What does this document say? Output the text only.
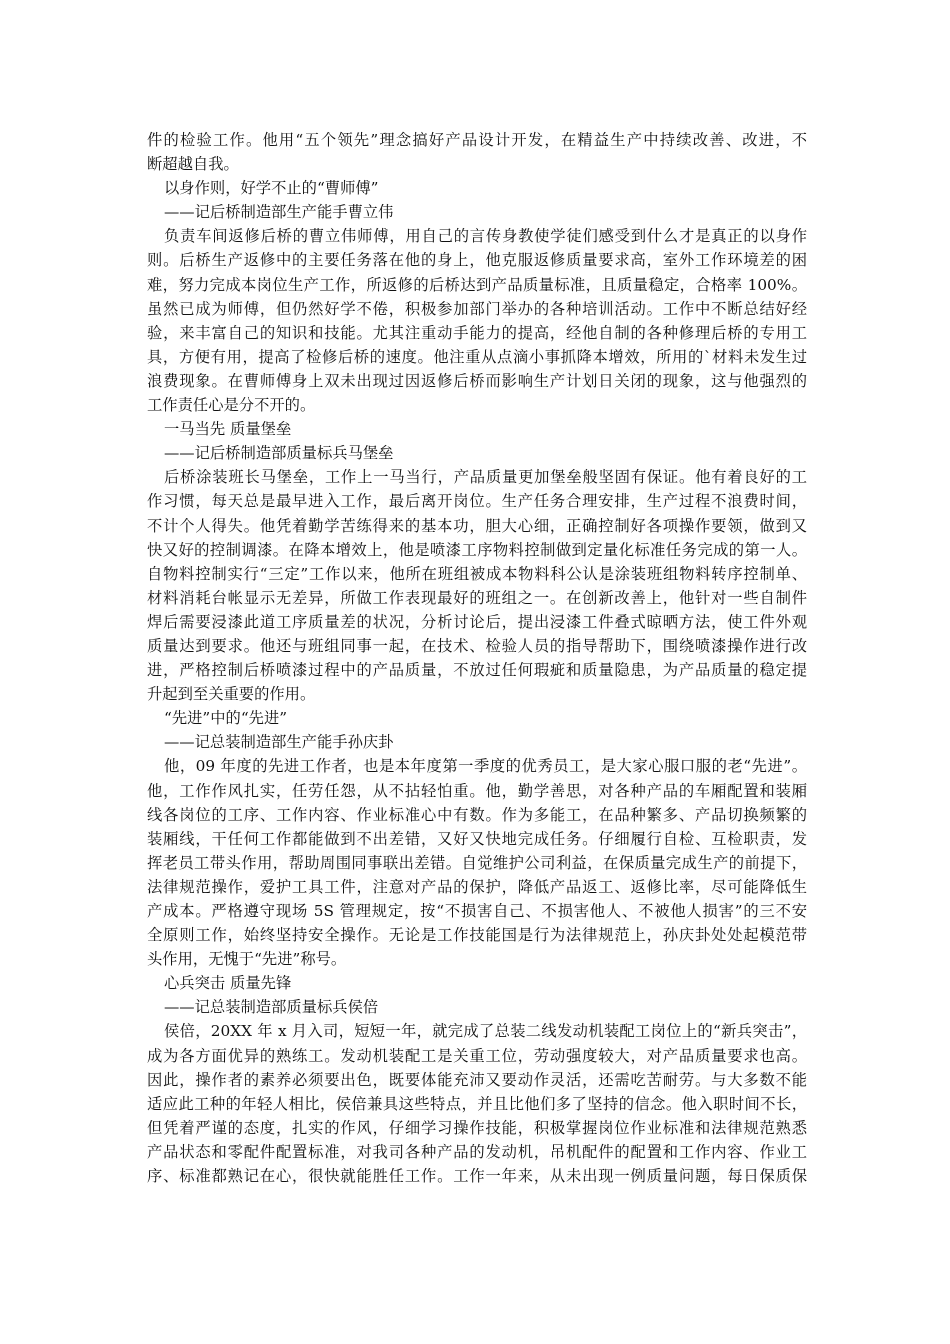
件的检验工作。他用“五个领先”理念搞好产品设计开发，在精益生产中持续改善、改进，不
断超越自我。
以身作则，好学不止的“曹师傅”
——记后桥制造部生产能手曹立伟
负责车间返修后桥的曹立伟师傅，用自己的言传身教使学徒们感受到什么才是真正的以身作
则。后桥生产返修中的主要任务落在他的身上，他克服返修质量要求高，室外工作环境差的困
难，努力完成本岗位生产工作，所返修的后桥达到产品质量标准，且质量稳定，合格率 100%。
虽然已成为师傅，但仍然好学不倦，积极参加部门举办的各种培训活动。工作中不断总结好经
验，来丰富自己的知识和技能。尤其注重动手能力的提高，经他自制的各种修理后桥的专用工
具，方便有用，提高了检修后桥的速度。他注重从点滴小事抓降本增效，所用的`材料未发生过
浪费现象。在曹师傅身上双未出现过因返修后桥而影响生产计划日关闭的现象，这与他强烈的
工作责任心是分不开的。
一马当先 质量堡垒
——记后桥制造部质量标兵马堡垒
后桥涂装班长马堡垒，工作上一马当行，产品质量更加堡垒般坚固有保证。他有着良好的工
作习惯，每天总是最早进入工作，最后离开岗位。生产任务合理安排，生产过程不浪费时间，
不计个人得失。他凭着勤学苦练得来的基本功，胆大心细，正确控制好各项操作要领，做到又
快又好的控制调漆。在降本增效上，他是喷漆工序物料控制做到定量化标准任务完成的第一人。
自物料控制实行“三定”工作以来，他所在班组被成本物料科公认是涂装班组物料转序控制单、
材料消耗台帐显示无差异，所做工作表现最好的班组之一。在创新改善上，他针对一些自制件
焊后需要浸漆此道工序质量差的状况，分析讨论后，提出浸漆工件叠式晾晒方法，使工件外观
质量达到要求。他还与班组同事一起，在技术、检验人员的指导帮助下，围绕喷漆操作进行改
进，严格控制后桥喷漆过程中的产品质量，不放过任何瑕疵和质量隐患，为产品质量的稳定提
升起到至关重要的作用。
“先进”中的“先进”
——记总装制造部生产能手孙庆卦
他，09 年度的先进工作者，也是本年度第一季度的优秀员工，是大家心服口服的老“先进”。
他，工作作风扎实，任劳任怨，从不拈轻怕重。他，勤学善思，对各种产品的车厢配置和装厢
线各岗位的工序、工作内容、作业标准心中有数。作为多能工，在品种繁多、产品切换频繁的
装厢线，干任何工作都能做到不出差错，又好又快地完成任务。仔细履行自检、互检职责，发
挥老员工带头作用，帮助周围同事联出差错。自觉维护公司利益，在保质量完成生产的前提下，
法律规范操作，爱护工具工件，注意对产品的保护，降低产品返工、返修比率，尽可能降低生
产成本。严格遵守现场 5S 管理规定，按“不损害自己、不损害他人、不被他人损害”的三不安
全原则工作，始终坚持安全操作。无论是工作技能国是行为法律规范上，孙庆卦处处起模范带
头作用，无愧于“先进”称号。
心兵突击 质量先锋
——记总装制造部质量标兵侯倍
侯倍，20XX 年 x 月入司，短短一年，就完成了总装二线发动机装配工岗位上的“新兵突击”，
成为各方面优异的熟练工。发动机装配工是关重工位，劳动强度较大，对产品质量要求也高。
因此，操作者的素养必须要出色，既要体能充沛又要动作灵活，还需吃苦耐劳。与大多数不能
适应此工种的年轻人相比，侯倍兼具这些特点，并且比他们多了坚持的信念。他入职时间不长，
但凭着严谨的态度，扎实的作风，仔细学习操作技能，积极掌握岗位作业标准和法律规范熟悉
产品状态和零配件配置标准，对我司各种产品的发动机，吊机配件的配置和工作内容、作业工
序、标准都熟记在心，很快就能胜任工作。工作一年来，从未出现一例质量问题，每日保质保
